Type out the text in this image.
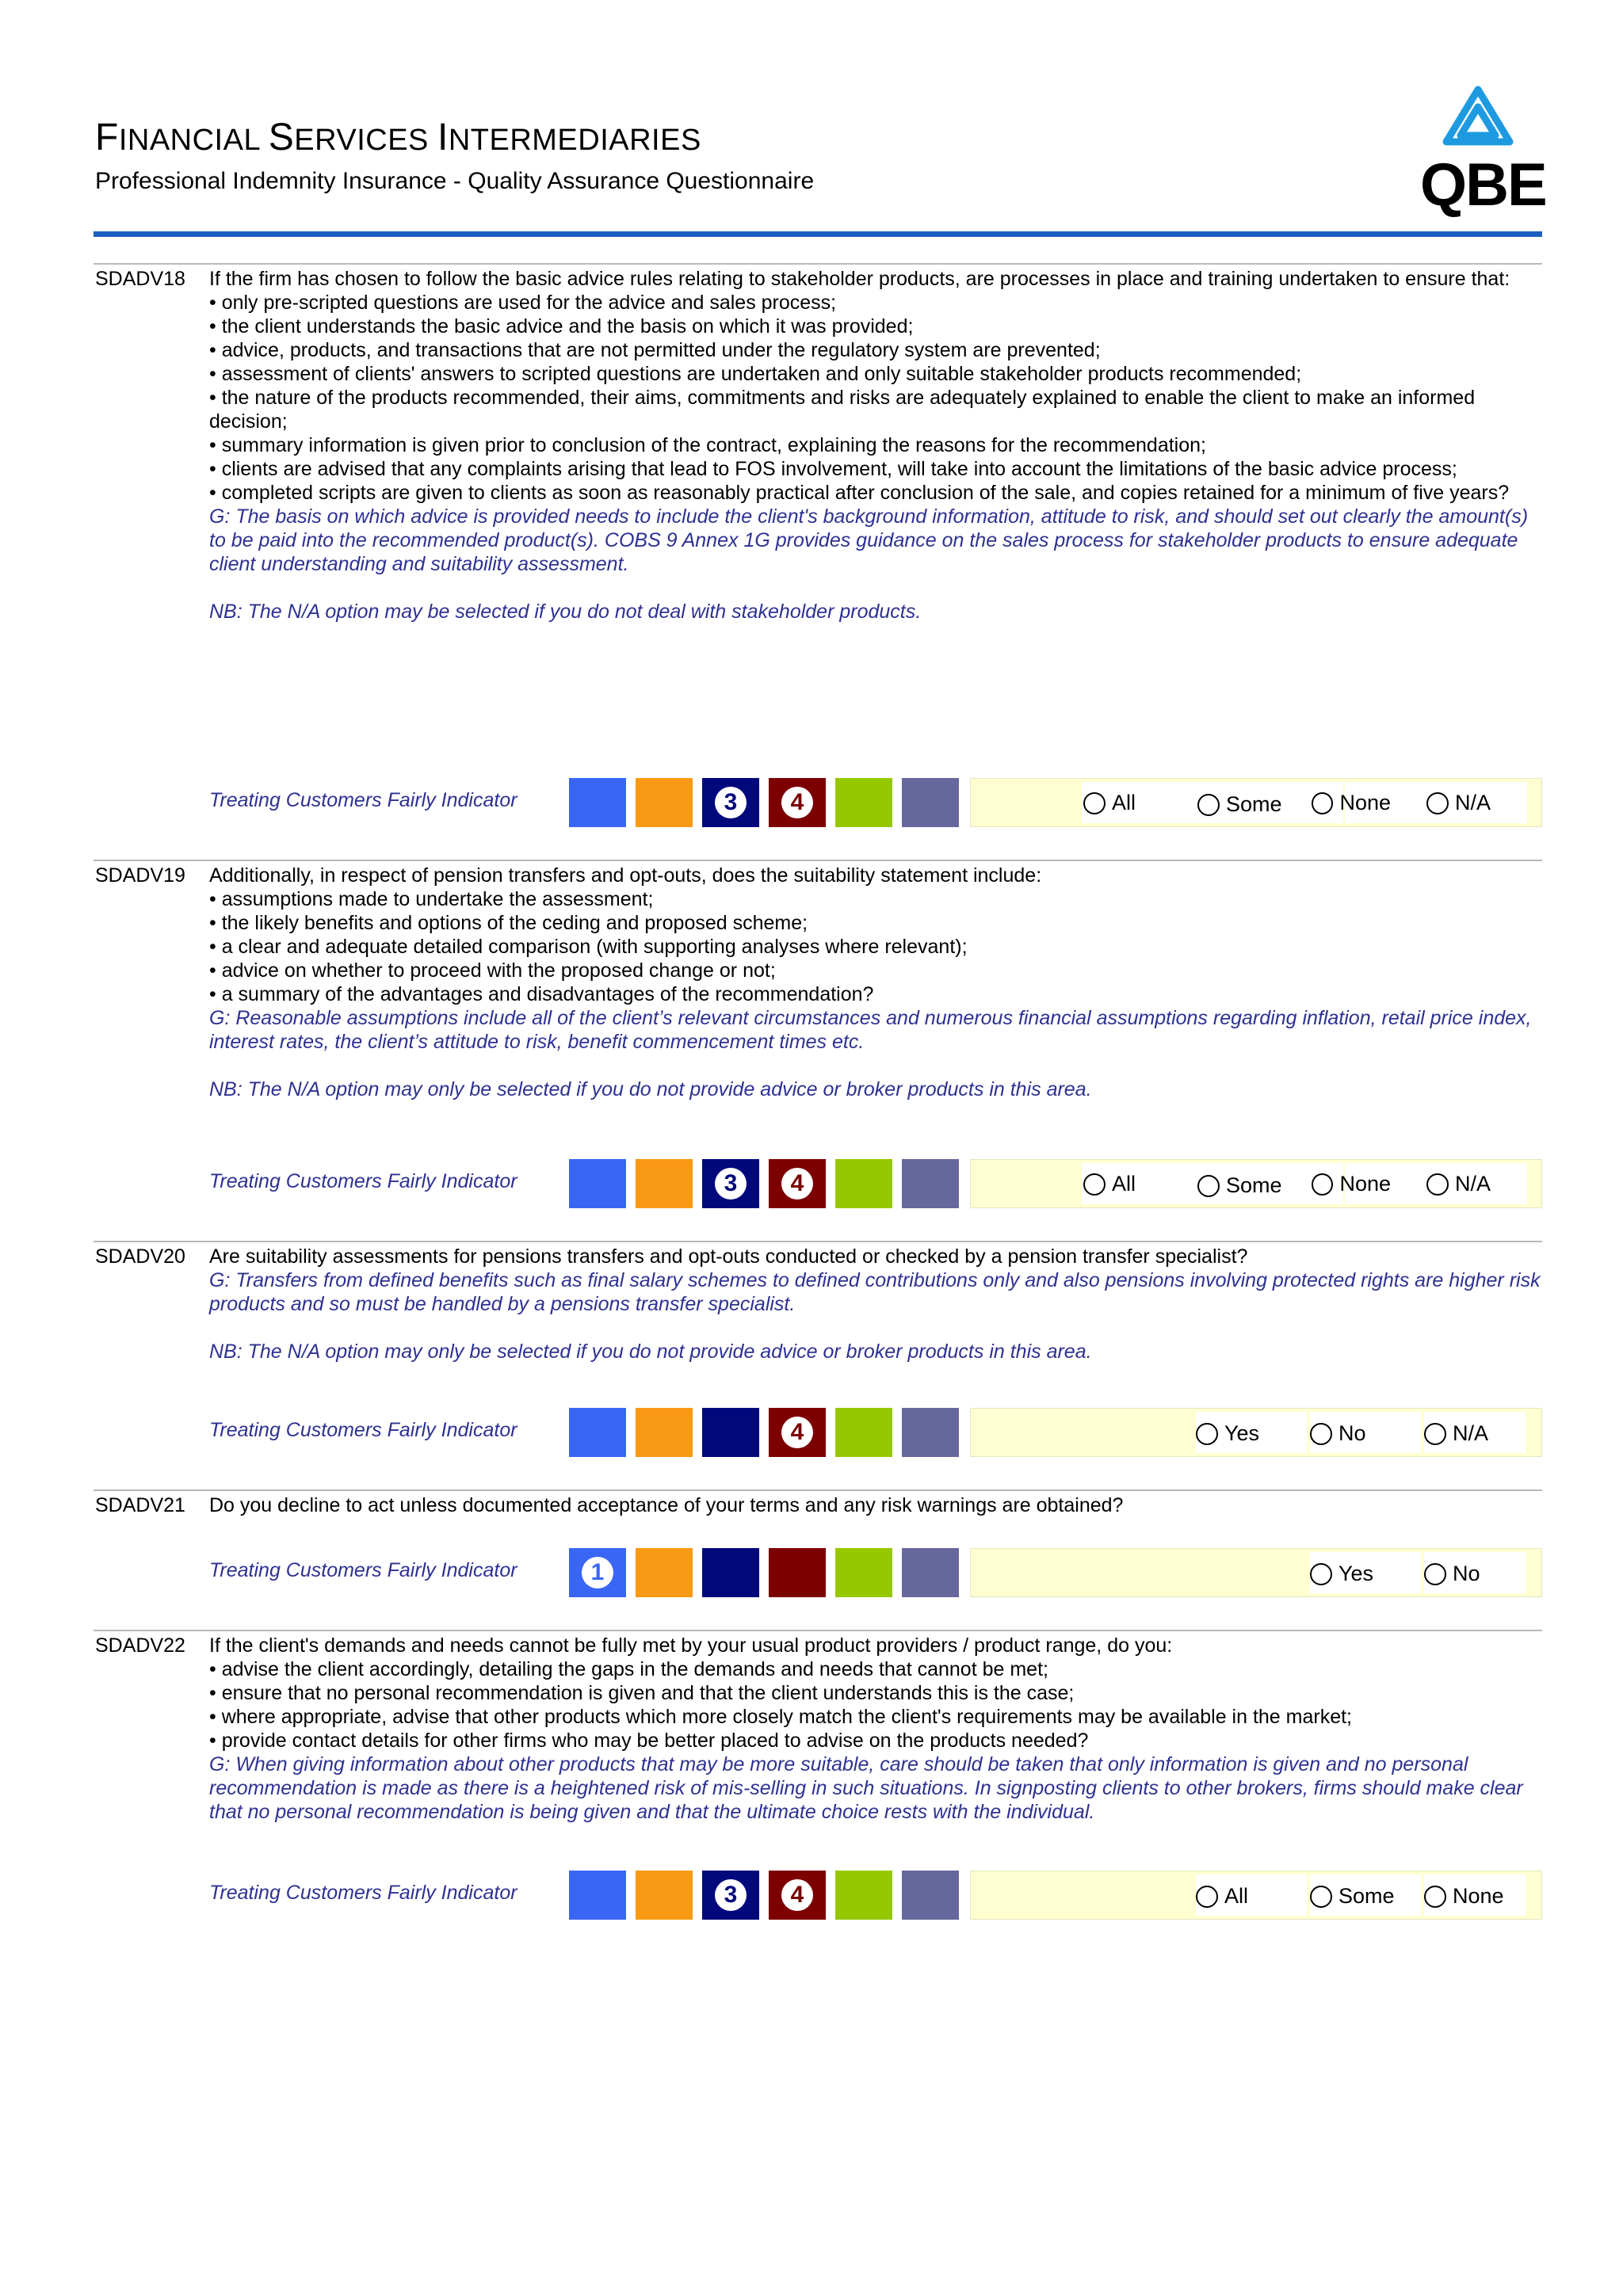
FINANCIAL SERVICES INTERMEDIARIES
Professional Indemnity Insurance - Quality Assurance Questionnaire	QBE
SDADV18 If the firm has chosen to follow the basic advice rules relating to stakeholder products, are processes in place and training undertaken to ensure that:

• only pre-scripted questions are used for the advice and sales process;

• the client understands the basic advice and the basis on which it was provided;

• advice, products, and transactions that are not permitted under the regulatory system are prevented;

• assessment of clients' answers to scripted questions are undertaken and only suitable stakeholder products recommended;

• the nature of the products recommended, their aims, commitments and risks are adequately explained to enable the client to make an informed decision;

• summary information is given prior to conclusion of the contract, explaining the reasons for the recommendation;

• clients are advised that any complaints arising that lead to FOS involvement, will take into account the limitations of the basic advice process;

• completed scripts are given to clients as soon as reasonably practical after conclusion of the sale, and copies retained for a minimum of five years?

G: The basis on which advice is provided needs to include the client's background information, attitude to risk, and should set out clearly the amount(s) to be paid into the recommended product(s). COBS 9 Annex 1G provides guidance on the sales process for stakeholder products to ensure adequate client understanding and suitability assessment.

NB: The N/A option may be selected if you do not deal with stakeholder products.

Treating Customers Fairly Indicator	3	4	All	Some	None	N/A
SDADV19 Additionally, in respect of pension transfers and opt-outs, does the suitability statement include:

• assumptions made to undertake the assessment;

• the likely benefits and options of the ceding and proposed scheme;

• a clear and adequate detailed comparison (with supporting analyses where relevant);

• advice on whether to proceed with the proposed change or not;

• a summary of the advantages and disadvantages of the recommendation?

G: Reasonable assumptions include all of the client’s relevant circumstances and numerous financial assumptions regarding inflation, retail price index, interest rates, the client’s attitude to risk, benefit commencement times etc.

NB: The N/A option may only be selected if you do not provide advice or broker products in this area.

Treating Customers Fairly Indicator	3	4	All	Some	None	N/A
SDADV20 Are suitability assessments for pensions transfers and opt-outs conducted or checked by a pension transfer specialist?

G: Transfers from defined benefits such as final salary schemes to defined contributions only and also pensions involving protected rights are higher risk products and so must be handled by a pensions transfer specialist.

NB: The N/A option may only be selected if you do not provide advice or broker products in this area.

Treating Customers Fairly Indicator	4	Yes	No	N/A
SDADV21 Do you decline to act unless documented acceptance of your terms and any risk warnings are obtained?

Treating Customers Fairly Indicator	1	Yes	No
SDADV22 If the client's demands and needs cannot be fully met by your usual product providers / product range, do you:

• advise the client accordingly, detailing the gaps in the demands and needs that cannot be met;

• ensure that no personal recommendation is given and that the client understands this is the case;

• where appropriate, advise that other products which more closely match the client's requirements may be available in the market;

• provide contact details for other firms who may be better placed to advise on the products needed?

G: When giving information about other products that may be more suitable, care should be taken that only information is given and no personal recommendation is made as there is a heightened risk of mis-selling in such situations. In signposting clients to other brokers, firms should make clear that no personal recommendation is being given and that the ultimate choice rests with the individual.

Treating Customers Fairly Indicator	3	4	All	Some	None
